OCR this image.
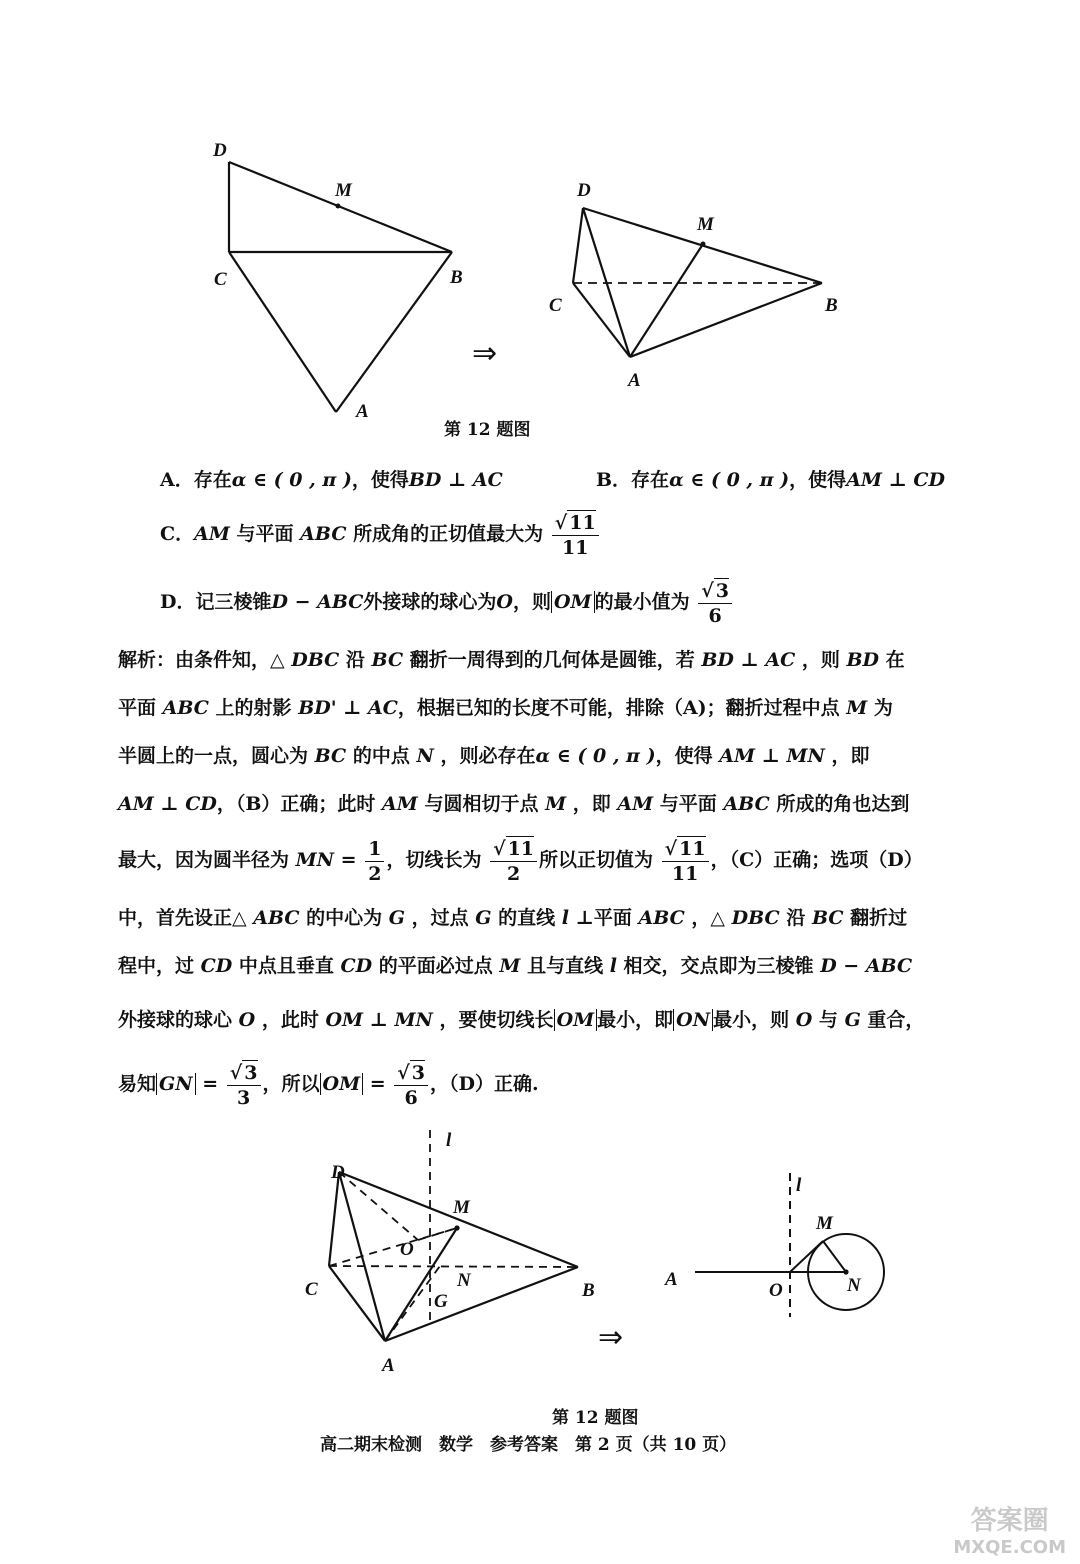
D
M
C	B
A
D
M
C	B
A
⇒
第 12 题图
A．存在α ∈ ( 0 , π )，使得BD ⊥ AC	B．存在α ∈ ( 0 , π )，使得AM ⊥ CD
C．AM 与平面 ABC 所成角的正切值最大为 √ $\frac{11}{11}$
D．记三棱锥D − ABC外接球的球心为O，则 OM 的最小值为 √ $\frac{3}{6}$
解析：由条件知，△ DBC 沿 BC 翻折一周得到的几何体是圆锥，若 BD ⊥ AC ，则 BD 在
平面 ABC 上的射影 BD' ⊥ AC，根据已知的长度不可能，排除（A)；翻折过程中点 M 为
半圆上的一点，圆心为 BC 的中点 N ，则必存在α ∈ ( 0 , π )，使得 AM ⊥ MN ，即
AM ⊥ CD，（B）正确；此时 AM 与圆相切于点 M ，即 AM 与平面 ABC 所成的角也达到
最大，因为圆半径为 MN = $\frac{1}{2}$ ，切线长为 √ $\frac{11}{2}$ 所以正切值为 √ $\frac{11}{11}$ ，（C）正确；选项（D）
中，首先设正△ ABC 的中心为 G ，过点 G 的直线 l ⊥平面 ABC ，△ DBC 沿 BC 翻折过
程中，过 CD 中点且垂直 CD 的平面必过点 M 且与直线 l 相交，交点即为三棱锥 D − ABC
外接球的球心 O ，此时 OM ⊥ MN ，要使切线长 OM 最小，即 ON 最小，则 O 与 G 重合，
易知 GN = √ $\frac{3}{3}$ ，所以 OM = √ $\frac{3}{6}$ ，（D）正确.
l
D
M
O
C	N
G
B
A
l
M
A
O	N
⇒
第 12 题图
高二期末检测　数学　参考答案　第 2 页（共 10 页）
答案圈
MXQE.COM
